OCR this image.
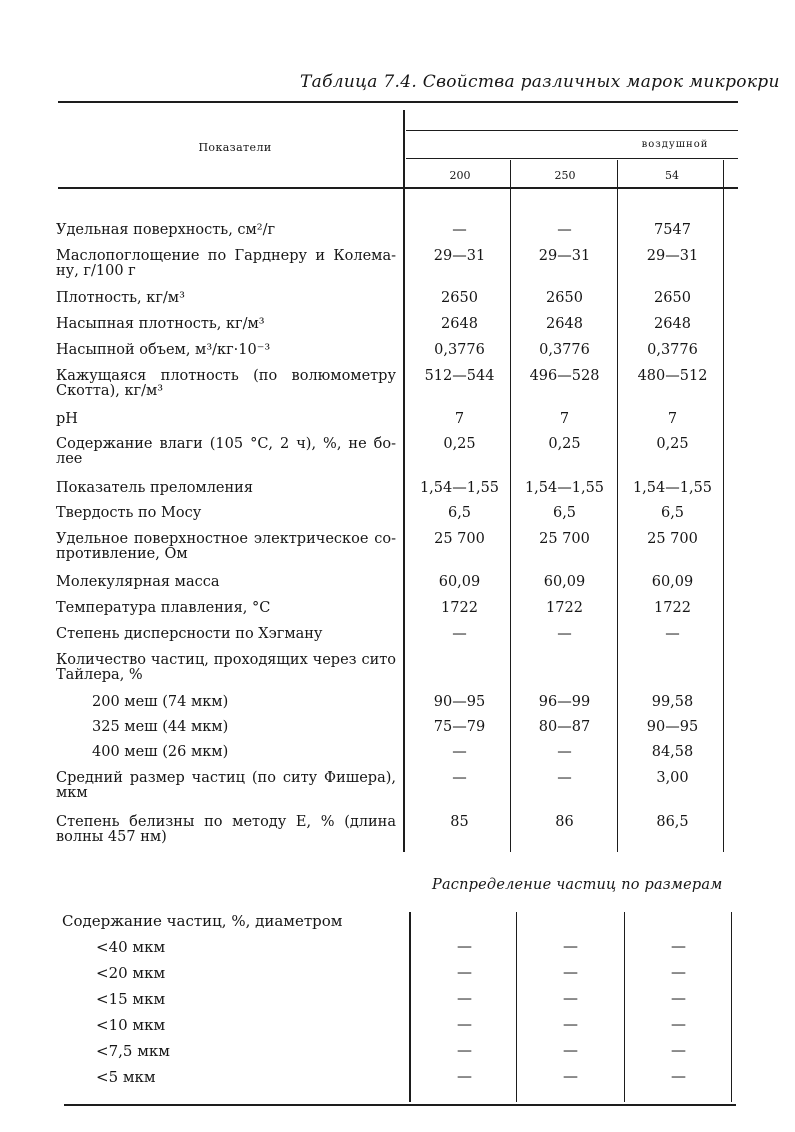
Таблица 7.4. Свойства различных марок микрокри
Показатели	воздушной
200	250	54
Удельная поверхность, см²/г	—	—	7547
Маслопоглощение по Гарднеру и Колема-ну, г/100 г
29—31	29—31	29—31
Плотность, кг/м³	2650	2650	2650
Насыпная плотность, кг/м³	2648	2648	2648
Насыпной объем, м³/кг·10⁻³	0,3776	0,3776	0,3776
Кажущаяся плотность (по волюмометру Скотта), кг/м³
512—544	496—528	480—512
pH	7	7	7
Содержание влаги (105 °С, 2 ч), %, не бо-лее
0,25	0,25	0,25
Показатель преломления	1,54—1,55	1,54—1,55	1,54—1,55
Твердость по Мосу	6,5	6,5	6,5
Удельное поверхностное электрическое со-противление, Ом
25 700	25 700	25 700
Молекулярная масса	60,09	60,09	60,09
Температура плавления, °С	1722	1722	1722
Степень дисперсности по Хэгману	—	—	—
Количество частиц, проходящих через сито Тайлера, %
200 меш (74 мкм)	90—95	96—99	99,58
325 меш (44 мкм)	75—79	80—87	90—95
400 меш (26 мкм)	—	—	84,58
Средний размер частиц (по ситу Фишера), мкм
—	—	3,00
Степень белизны по методу Е, % (длина волны 457 нм)
85	86	86,5
Распределение частиц по размерам
Содержание частиц, %, диаметром
<40 мкм	—	—	—
<20 мкм	—	—	—
<15 мкм	—	—	—
<10 мкм	—	—	—
<7,5 мкм	—	—	—
<5 мкм	—	—	—
